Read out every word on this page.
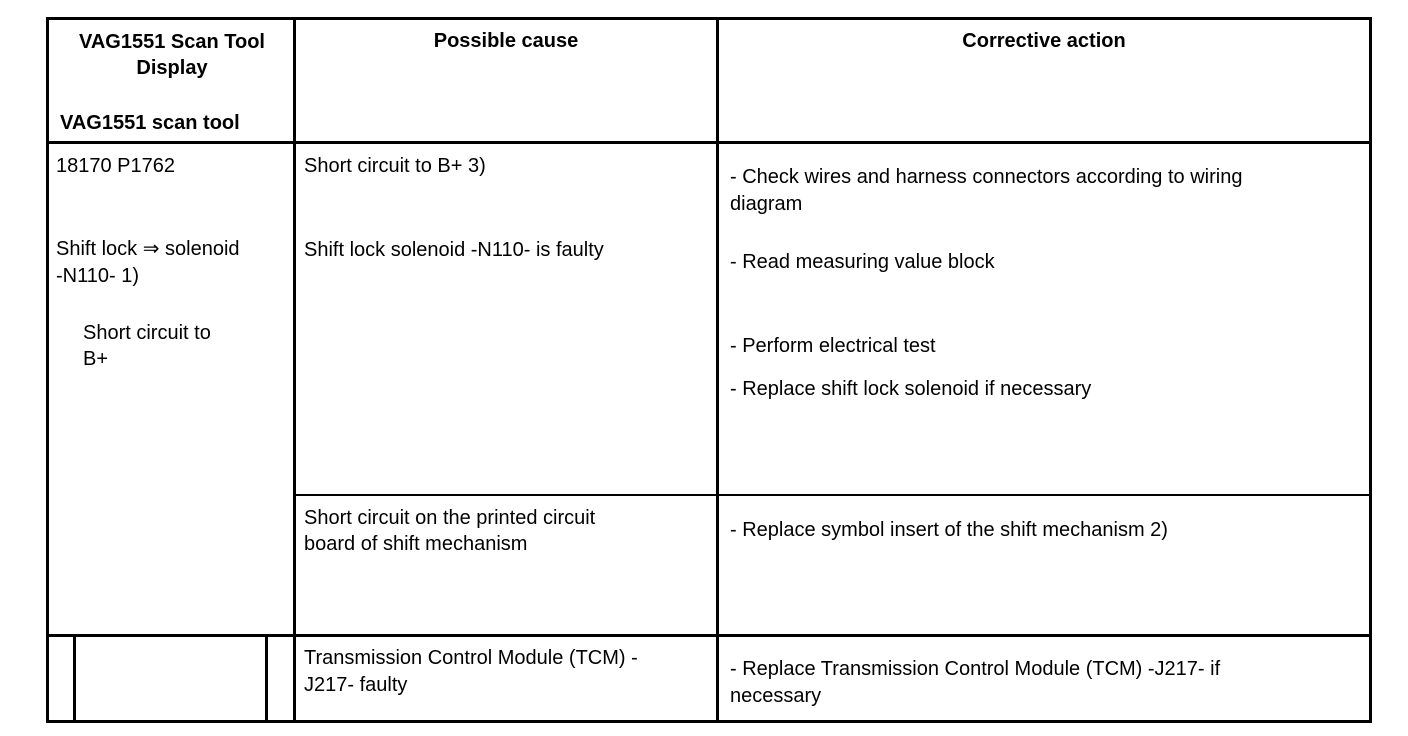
VAG1551 Scan Tool
Display
VAG1551 scan tool
Possible cause	Corrective action
18170 P1762
Shift lock ⇒ solenoid
-N110- 1)
Short circuit to
B+
Short circuit to B+ 3)
Shift lock solenoid -N110- is faulty
- Check wires and harness connectors according to wiring
diagram
- Read measuring value block
- Perform electrical test
- Replace shift lock solenoid if necessary
Short circuit on the printed circuit
board of shift mechanism
- Replace symbol insert of the shift mechanism 2)
Transmission Control Module (TCM) -
J217- faulty
- Replace Transmission Control Module (TCM) -J217- if
necessary
